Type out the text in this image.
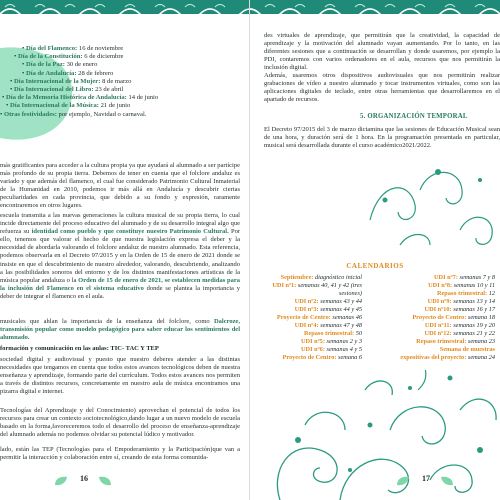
• Día del Flamenco: 16 de noviembre
• Día de la Constitución: 6 de diciembre
• Día de la Paz: 30 de enero
• Día de Andalucía: 28 de febrero
• Día Internacional de la Mujer: 8 de marzo
• Día Internacional del Libro: 23 de abril
• Día de la Memoria Histórica de Andalucía: 14 de junio
• Día Internacional de la Música: 21 de junio
• Otras festividades: por ejemplo, Navidad o carnaval.
más gratificantes para acceder a la cultura propia ya que ayudará al alumnado a ser partícipe más profundo de su propia tierra. Debemos de tener en cuenta que el folclore andaluz es variado y que además del flamenco, el cual fue considerado Patrimonio Cultural Inmaterial de la Humanidad en 2010, podemos ir más allá en Andalucía y descubrir ciertas peculiaridades en cada provincia, que debido a su fondo y expresión, raramente encontraremos en otros lugares.
escuela transmita a las nuevas generaciones la cultura musical de su propia tierra, lo cual incide directamente del proceso educativo del alumnado y de su desarrollo integral algo que refuerza su identidad como pueblo y que constituye nuestro Patrimonio Cultural. Por ello, tenemos que valorar el hecho de que nuestra legislación expresa el deber y la necesidad de abordarla valorando el folclore andaluz de nuestro alumnado. Esta referencia, podemos observarla en el Decreto 97/2015 y en la Orden de 15 de enero de 2021 donde se insiste en que el descubrimiento de nuestro alrededor, valorando, descubriendo, analizando a las posibilidades sonoros del entorno y de los distintos manifestaciones artísticas de la música popular andaluza o la Orden de 15 de enero de 2021, se establecen medidas para la inclusión del Flamenco en el sistema educativo donde se plantea la importancia y deber de integrar el flamenco en el aula.
musicales que ahlan la importancia de la enseñanza del folclore, como Dalcroze, transmisión popular como modelo pedagógico para saber educar los sentimientos del alumnado.
formación y comunicación en las aulas: TIC- TAC Y TEP
sociedad digital y audiovisual y puesto que nuestro deberes atender a las distintas necesidades que tengamos en cuenta que todos estos avances tecnológicos deben de nuestra enseñanza y aprendizaje, formando parte del currículum. Todos estos avances nos permiten a través de distintos recursos, concretamente en nuestro aula de música encontramos una pizarra digital e internet.
Tecnologías del Aprendizaje y del Conocimiento) aprovechan el potencial de todos los recursos para crear un contexto sociotecnológico,dando lugar a un nuevo modelo de escuela basado en la forma,favoreceremos todo el desarrollo del proceso de enseñanza-aprendizaje del alumnado además no podemos olvidar su potencial lúdico y motivador.
lado, están las TEP (Tecnologías para el Empoderamiento y la Participación)que van a permitir la interacción y colaboración entre sí, creando de esta forma comunida-
16
des virtuales de aprendizaje, que permitirán que la creatividad, la capacidad de aprendizaje y la motivación del alumnado vayan aumentando. Por lo tanto, en las diferentes sesiones que a continuación se desarrollan y donde usaremos, por ejemplo la PDI, contaremos con varios ordenadores en el aula, recursos que nos permitirán la inclusión digital.
Además, usaremos otros dispositivos audiovisuales que nos permitirán realizar grabaciones de vídeo a nuestro alumnado y tocar instrumentos virtuales, como son las aplicaciones digitales de teclado, entre otras herramientas que desarrollaremos en el apartado de recursos.
5. ORGANIZACIÓN TEMPORAL
El Decreto 97/2015 del 3 de marzo dictamina que las sesiones de Educación Musical sean de una hora, y duración será de 1 hora. En la programación presentada en particular, musical será desarrollada durante el curso académico2021/2022.
CALENDARIOS
Septiembre: diagnóstico inicial
UDI nº1: semanas 40, 41 y 42 (tres
sesiones)
UDI nº2: semanas 43 y 44
UDI nº3: semanas 44 y 45
Proyecto de Centro: semanas 46
UDI nº4: semanas 47 y 48
Repaso trimestral: 50
UDI nº5: semanas 2 y 3
UDI nº6: semanas 4 y 5
Proyecto de Centro: semana 6
UDI nº7: semanas 7 y 8
UDI nº8: semanas 10 y 11
Repaso trimestral: 12
UDI nº9: semanas 13 y 14
UDI nº10: semanas 16 y 17
Proyecto de Centro: semana 18
UDI nº11: semanas 19 y 20
UDI nº12: semanas 21 y 22
Repaso trimestral: semana 23
Semana de muestras
expositivas del proyecto: semana 24
17
